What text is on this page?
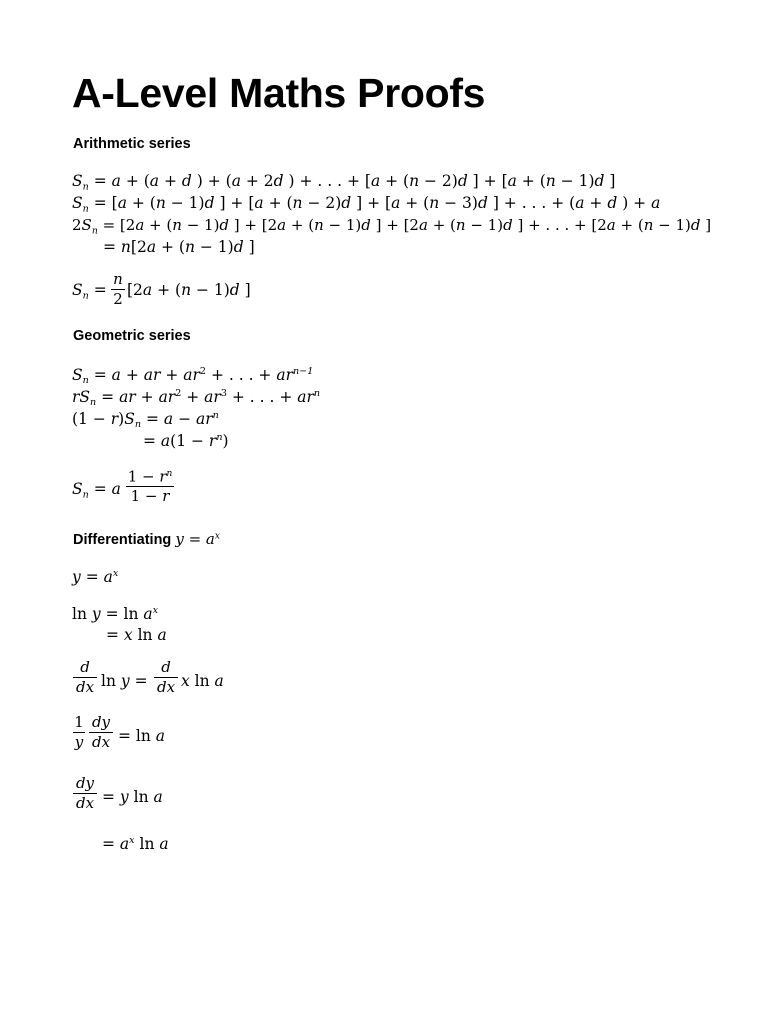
A-Level Maths Proofs
Arithmetic series
$S_n = a + (a + d$ ) + (a + 2d ) + . . . + [a + (n − 2)d ] + [a + (n − 1)d ]
$S_n = [a + (n - 1)d$ ] + [a + (n − 2)d ] + [a + (n − 3)d ] + . . . + (a + d ) + a
$2S_n = [2a + (n - 1)d$ ] + [2a + (n − 1)d ] + [2a + (n − 1)d ] + . . . + [2a + (n − 1)d ]
= n[2a + (n − 1)d ]
$S_n$ =
n
2 [2a + (n − 1)d ]
Geometric series
$S_n = a$ + ar + $ar^2$ + . . . + $ar^{n-1}$
$rS_n$ = ar + $ar^2 + ar^3$ + . . . + $ar^n$
$(1 - r)S_n = a - ar^n$
= $a(1 - r^n)$
$S_n = a$
$1 - r^n$
1 − r
Differentiating $y = a^x$
$y = a^x$
$\ln y = \ln a^x$
= x ln a
d
dx ln y =
d
dx x ln a
1
y
dy
dx = ln a
dy
dx = y ln a
= $a^x$ ln a
